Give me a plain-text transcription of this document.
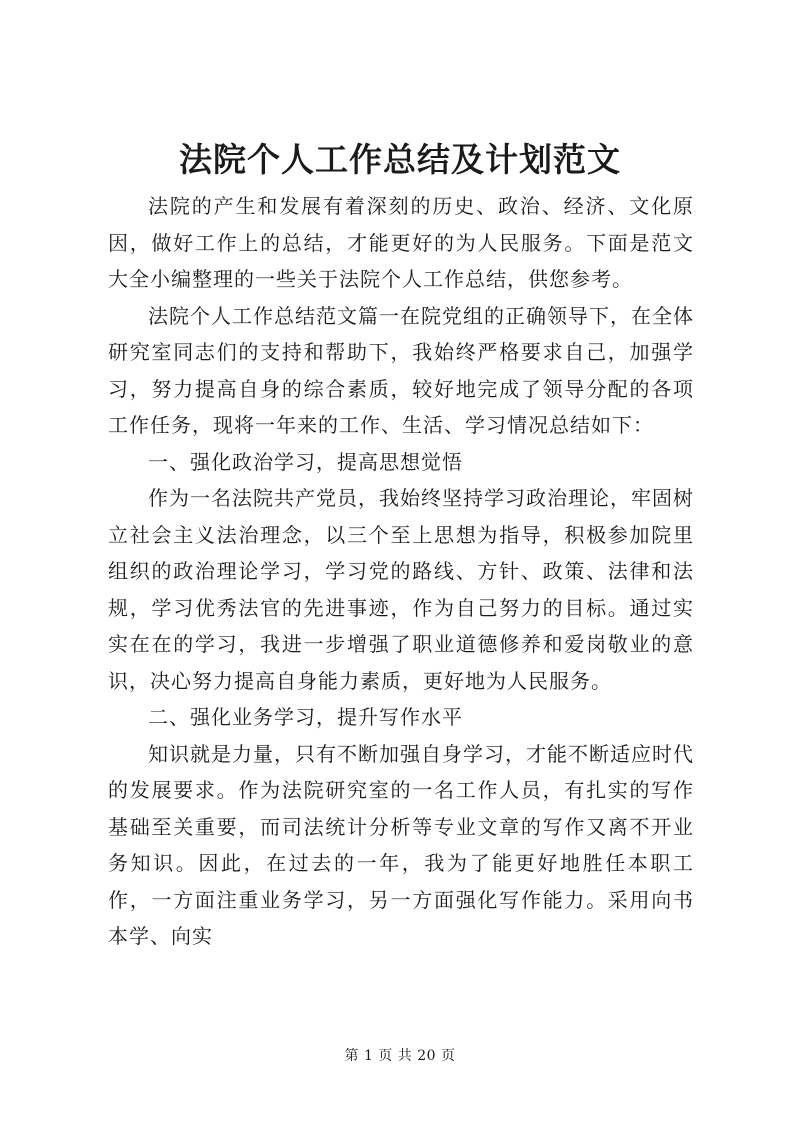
法院个人工作总结及计划范文

法院的产生和发展有着深刻的历史、政治、经济、文化原因，做好工作上的总结，才能更好的为人民服务。下面是范文大全小编整理的一些关于法院个人工作总结，供您参考。

法院个人工作总结范文篇一在院党组的正确领导下，在全体研究室同志们的支持和帮助下，我始终严格要求自己，加强学习，努力提高自身的综合素质，较好地完成了领导分配的各项工作任务，现将一年来的工作、生活、学习情况总结如下：

一、强化政治学习，提高思想觉悟

作为一名法院共产党员，我始终坚持学习政治理论，牢固树立社会主义法治理念，以三个至上思想为指导，积极参加院里组织的政治理论学习，学习党的路线、方针、政策、法律和法规，学习优秀法官的先进事迹，作为自己努力的目标。通过实实在在的学习，我进一步增强了职业道德修养和爱岗敬业的意识，决心努力提高自身能力素质，更好地为人民服务。

二、强化业务学习，提升写作水平

知识就是力量，只有不断加强自身学习，才能不断适应时代的发展要求。作为法院研究室的一名工作人员，有扎实的写作基础至关重要，而司法统计分析等专业文章的写作又离不开业务知识。因此，在过去的一年，我为了能更好地胜任本职工作，一方面注重业务学习，另一方面强化写作能力。采用向书本学、向实

第 1 页 共 20 页
